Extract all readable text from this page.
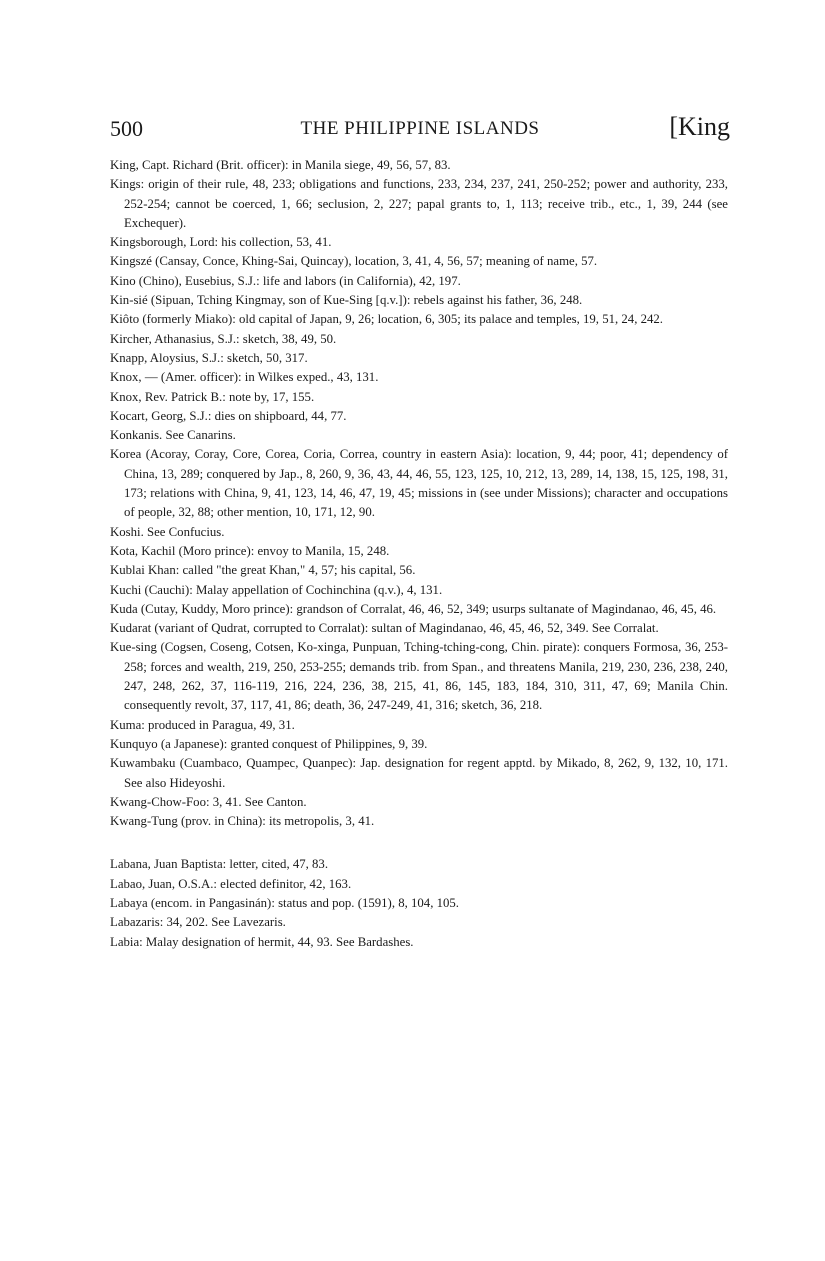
500	THE PHILIPPINE ISLANDS	[King

King, Capt. Richard (Brit. officer): in Manila siege, 49, 56, 57, 83.

Kings: origin of their rule, 48, 233; obligations and functions, 233, 234, 237, 241, 250-252; power and authority, 233, 252-254; cannot be coerced, 1, 66; seclusion, 2, 227; papal grants to, 1, 113; receive trib., etc., 1, 39, 244 (see Exchequer).

Kingsborough, Lord: his collection, 53, 41.

Kingszé (Cansay, Conce, Khing-Sai, Quincay), location, 3, 41, 4, 56, 57; meaning of name, 57.

Kino (Chino), Eusebius, S.J.: life and labors (in California), 42, 197.

Kin-sié (Sipuan, Tching Kingmay, son of Kue-Sing [q.v.]): rebels against his father, 36, 248.

Kiôto (formerly Miako): old capital of Japan, 9, 26; location, 6, 305; its palace and temples, 19, 51, 24, 242.

Kircher, Athanasius, S.J.: sketch, 38, 49, 50.

Knapp, Aloysius, S.J.: sketch, 50, 317.

Knox, — (Amer. officer): in Wilkes exped., 43, 131.

Knox, Rev. Patrick B.: note by, 17, 155.

Kocart, Georg, S.J.: dies on shipboard, 44, 77.

Konkanis. See Canarins.

Korea (Acoray, Coray, Core, Corea, Coria, Correa, country in eastern Asia): location, 9, 44; poor, 41; dependency of China, 13, 289; conquered by Jap., 8, 260, 9, 36, 43, 44, 46, 55, 123, 125, 10, 212, 13, 289, 14, 138, 15, 125, 198, 31, 173; relations with China, 9, 41, 123, 14, 46, 47, 19, 45; missions in (see under Missions); character and occupations of people, 32, 88; other mention, 10, 171, 12, 90.

Koshi. See Confucius.

Kota, Kachil (Moro prince): envoy to Manila, 15, 248.

Kublai Khan: called "the great Khan," 4, 57; his capital, 56.

Kuchi (Cauchi): Malay appellation of Cochinchina (q.v.), 4, 131.

Kuda (Cutay, Kuddy, Moro prince): grandson of Corralat, 46, 46, 52, 349; usurps sultanate of Magindanao, 46, 45, 46.

Kudarat (variant of Qudrat, corrupted to Corralat): sultan of Magindanao, 46, 45, 46, 52, 349. See Corralat.

Kue-sing (Cogsen, Coseng, Cotsen, Ko-xinga, Punpuan, Tching-tching-cong, Chin. pirate): conquers Formosa, 36, 253-258; forces and wealth, 219, 250, 253-255; demands trib. from Span., and threatens Manila, 219, 230, 236, 238, 240, 247, 248, 262, 37, 116-119, 216, 224, 236, 38, 215, 41, 86, 145, 183, 184, 310, 311, 47, 69; Manila Chin. consequently revolt, 37, 117, 41, 86; death, 36, 247-249, 41, 316; sketch, 36, 218.

Kuma: produced in Paragua, 49, 31.

Kunquyo (a Japanese): granted conquest of Philippines, 9, 39.

Kuwambaku (Cuambaco, Quampec, Quanpec): Jap. designation for regent apptd. by Mikado, 8, 262, 9, 132, 10, 171. See also Hideyoshi.

Kwang-Chow-Foo: 3, 41. See Canton.

Kwang-Tung (prov. in China): its metropolis, 3, 41.

Labana, Juan Baptista: letter, cited, 47, 83.

Labao, Juan, O.S.A.: elected definitor, 42, 163.

Labaya (encom. in Pangasinán): status and pop. (1591), 8, 104, 105.

Labazaris: 34, 202. See Lavezaris.

Labia: Malay designation of hermit, 44, 93. See Bardashes.
